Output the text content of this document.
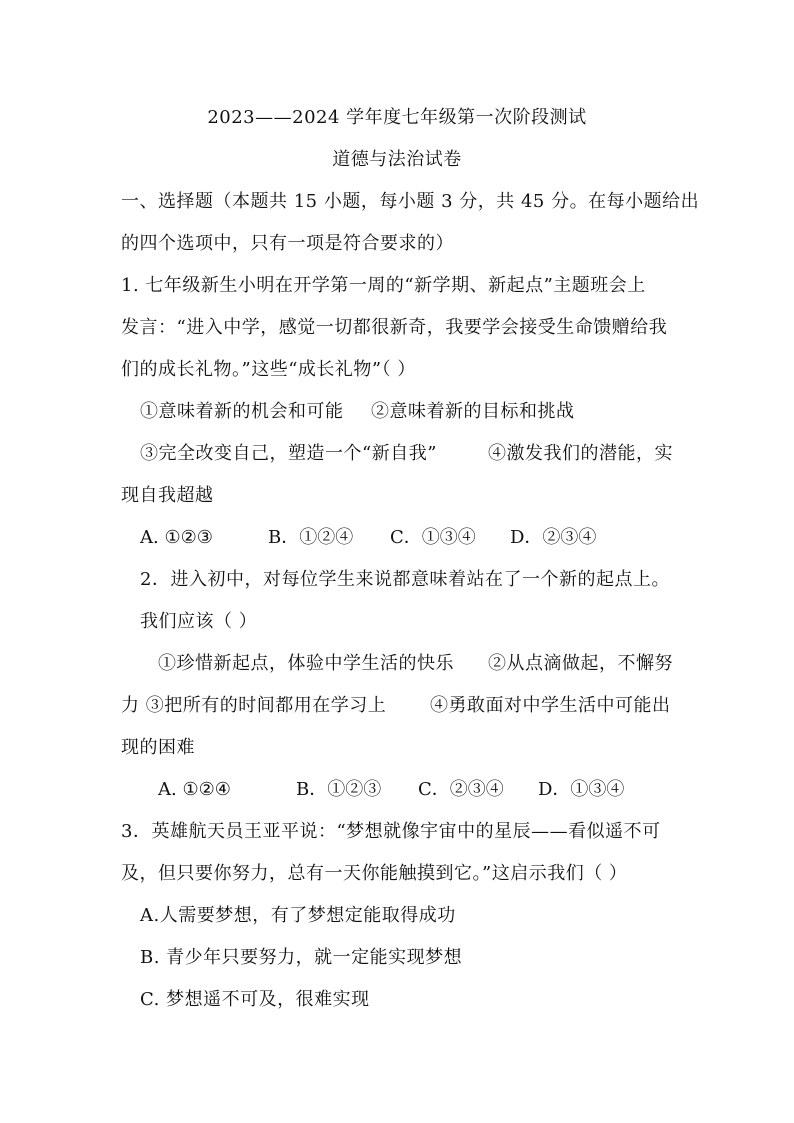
2023——2024 学年度七年级第一次阶段测试
道德与法治试卷
一、选择题（本题共 15 小题，每小题 3 分，共 45 分。在每小题给出
的四个选项中，只有一项是符合要求的）
1. 七年级新生小明在开学第一周的“新学期、新起点”主题班会上
发言：“进入中学，感觉一切都很新奇，我要学会接受生命馈赠给我
们的成长礼物。”这些“成长礼物”（ ）
①意味着新的机会和可能 ②意味着新的目标和挑战
③完全改变自己，塑造一个“新自我”	④激发我们的潜能，实
现自我超越
A. ①②③	B．①②④ C．①③④ D．②③④
2．进入初中，对每位学生来说都意味着站在了一个新的起点上。
我们应该（ ）
①珍惜新起点，体验中学生活的快乐 ②从点滴做起，不懈努
力 ③把所有的时间都用在学习上 ④勇敢面对中学生活中可能出
现的困难
A. ①②④	B．①②③ C．②③④ D．①③④
3．英雄航天员王亚平说：“梦想就像宇宙中的星辰——看似遥不可
及，但只要你努力，总有一天你能触摸到它。”这启示我们（ ）
A.人需要梦想，有了梦想定能取得成功
B. 青少年只要努力，就一定能实现梦想
C. 梦想遥不可及，很难实现
